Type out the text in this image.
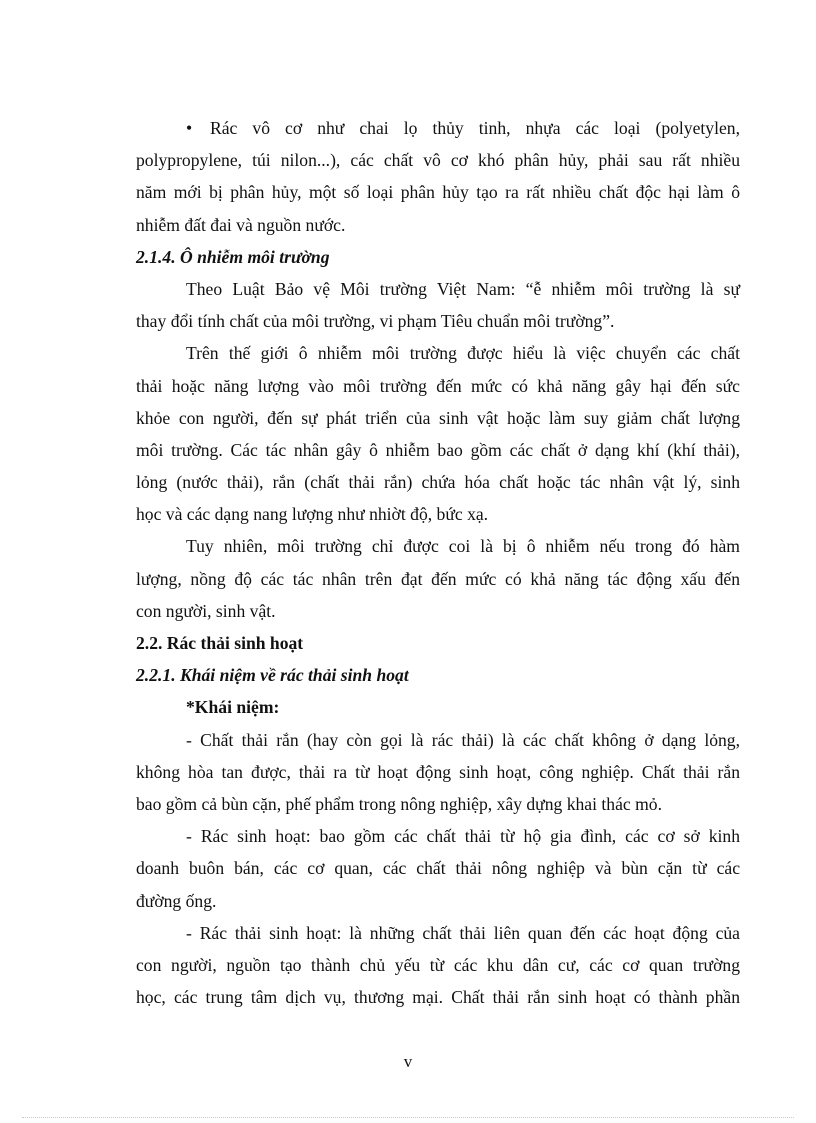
• Rác vô cơ như chai lọ thủy tinh, nhựa các loại (polyetylen,
polypropylene, túi nilon...), các chất vô cơ khó phân hủy, phải sau rất nhiều
năm mới bị phân hủy, một số loại phân hủy tạo ra rất nhiều chất độc hại làm ô
nhiễm đất đai và nguồn nước.
2.1.4. Ô nhiễm môi trường
Theo Luật Bảo vệ Môi trường Việt Nam: “ễ nhiễm môi trường là sự
thay đổi tính chất của môi trường, vi phạm Tiêu chuẩn môi trường”.
Trên thế giới ô nhiễm môi trường được hiểu là việc chuyển các chất
thải hoặc năng lượng vào môi trường đến mức có khả năng gây hại đến sức
khỏe con người, đến sự phát triển của sinh vật hoặc làm suy giảm chất lượng
môi trường. Các tác nhân gây ô nhiễm bao gồm các chất ở dạng khí (khí thải),
lỏng (nước thải), rắn (chất thải rắn) chứa hóa chất hoặc tác nhân vật lý, sinh
học và các dạng nang lượng như nhiờt độ, bức xạ.
Tuy nhiên, môi trường chỉ được coi là bị ô nhiễm nếu trong đó hàm
lượng, nồng độ các tác nhân trên đạt đến mức có khả năng tác động xấu đến
con người, sinh vật.
2.2. Rác thải sinh hoạt
2.2.1. Khái niệm về rác thải sinh hoạt
*Khái niệm:
- Chất thải rắn (hay còn gọi là rác thải) là các chất không ở dạng lỏng,
không hòa tan được, thải ra từ hoạt động sinh hoạt, công nghiệp. Chất thải rắn
bao gồm cả bùn cặn, phế phẩm trong nông nghiệp, xây dựng khai thác mỏ.
- Rác sinh hoạt: bao gồm các chất thải từ hộ gia đình, các cơ sở kinh
doanh buôn bán, các cơ quan, các chất thải nông nghiệp và bùn cặn từ các
đường ống.
- Rác thải sinh hoạt: là những chất thải liên quan đến các hoạt động của
con người, nguồn tạo thành chủ yếu từ các khu dân cư, các cơ quan trường
học, các trung tâm dịch vụ, thương mại. Chất thải rắn sinh hoạt có thành phần
v
